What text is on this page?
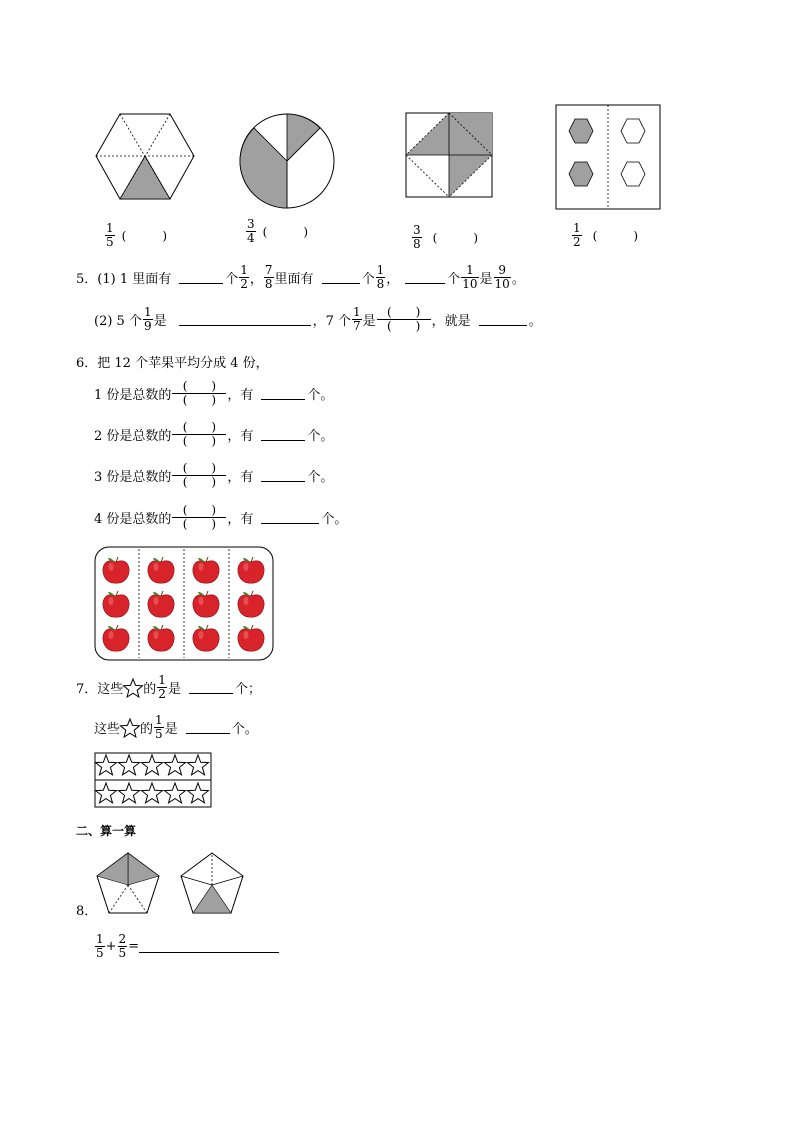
$\frac{1}{5}$ (　　　)	$\frac{3}{4}$ (　　　)	$\frac{3}{8}$ (　　　)	$\frac{1}{2}$ (　　　)
5． (1) 1 里面有	个 $\frac{1}{2}$ ， $\frac{7}{8}$ 里面有	个 $\frac{1}{8}$ ，	个 $\frac{1}{10}$ 是 $\frac{9}{10}$ 。
(2) 5 个 $\frac{1}{9}$ 是	，7 个 $\frac{1}{7}$ 是 $\frac{( )}{( )}$ ，就是	。
6．把 12 个苹果平均分成 4 份，
1 份是总数的 $\frac{( )}{( )}$ ，有	个。
2 份是总数的 $\frac{( )}{( )}$ ，有	个。
3 份是总数的 $\frac{( )}{( )}$ ，有	个。
4 份是总数的 $\frac{( )}{( )}$ ，有	个。
7．这些 的 $\frac{1}{2}$ 是	个；
这些 的 $\frac{1}{5}$ 是	个。
二、算一算
8．
$\frac{1}{5} + \frac{2}{5}$ =
